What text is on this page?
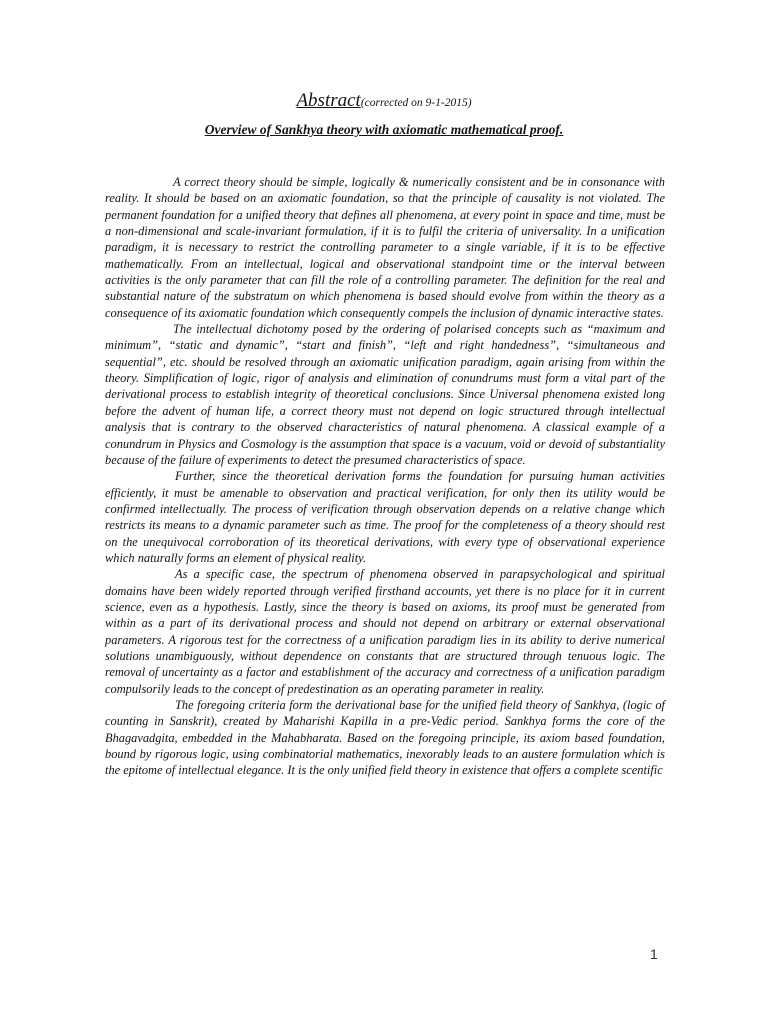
Abstract(corrected on 9-1-2015)
Overview of Sankhya theory with axiomatic mathematical proof.

A correct theory should be simple, logically & numerically consistent and be in consonance with reality. It should be based on an axiomatic foundation, so that the principle of causality is not violated. The permanent foundation for a unified theory that defines all phenomena, at every point in space and time, must be a non-dimensional and scale-invariant formulation, if it is to fulfil the criteria of universality. In a unification paradigm, it is necessary to restrict the controlling parameter to a single variable, if it is to be effective mathematically. From an intellectual, logical and observational standpoint time or the interval between activities is the only parameter that can fill the role of a controlling parameter. The definition for the real and substantial nature of the substratum on which phenomena is based should evolve from within the theory as a consequence of its axiomatic foundation which consequently compels the inclusion of dynamic interactive states.

The intellectual dichotomy posed by the ordering of polarised concepts such as “maximum and minimum”, “static and dynamic”, “start and finish”, “left and right handedness”, “simultaneous and sequential”, etc. should be resolved through an axiomatic unification paradigm, again arising from within the theory. Simplification of logic, rigor of analysis and elimination of conundrums must form a vital part of the derivational process to establish integrity of theoretical conclusions. Since Universal phenomena existed long before the advent of human life, a correct theory must not depend on logic structured through intellectual analysis that is contrary to the observed characteristics of natural phenomena. A classical example of a conundrum in Physics and Cosmology is the assumption that space is a vacuum, void or devoid of substantiality because of the failure of experiments to detect the presumed characteristics of space.

Further, since the theoretical derivation forms the foundation for pursuing human activities efficiently, it must be amenable to observation and practical verification, for only then its utility would be confirmed intellectually. The process of verification through observation depends on a relative change which restricts its means to a dynamic parameter such as time. The proof for the completeness of a theory should rest on the unequivocal corroboration of its theoretical derivations, with every type of observational experience which naturally forms an element of physical reality.

As a specific case, the spectrum of phenomena observed in parapsychological and spiritual domains have been widely reported through verified firsthand accounts, yet there is no place for it in current science, even as a hypothesis. Lastly, since the theory is based on axioms, its proof must be generated from within as a part of its derivational process and should not depend on arbitrary or external observational parameters. A rigorous test for the correctness of a unification paradigm lies in its ability to derive numerical solutions unambiguously, without dependence on constants that are structured through tenuous logic. The removal of uncertainty as a factor and establishment of the accuracy and correctness of a unification paradigm compulsorily leads to the concept of predestination as an operating parameter in reality.

The foregoing criteria form the derivational base for the unified field theory of Sankhya, (logic of counting in Sanskrit), created by Maharishi Kapilla in a pre-Vedic period. Sankhya forms the core of the Bhagavadgita, embedded in the Mahabharata. Based on the foregoing principle, its axiom based foundation, bound by rigorous logic, using combinatorial mathematics, inexorably leads to an austere formulation which is the epitome of intellectual elegance. It is the only unified field theory in existence that offers a complete scentific

1
